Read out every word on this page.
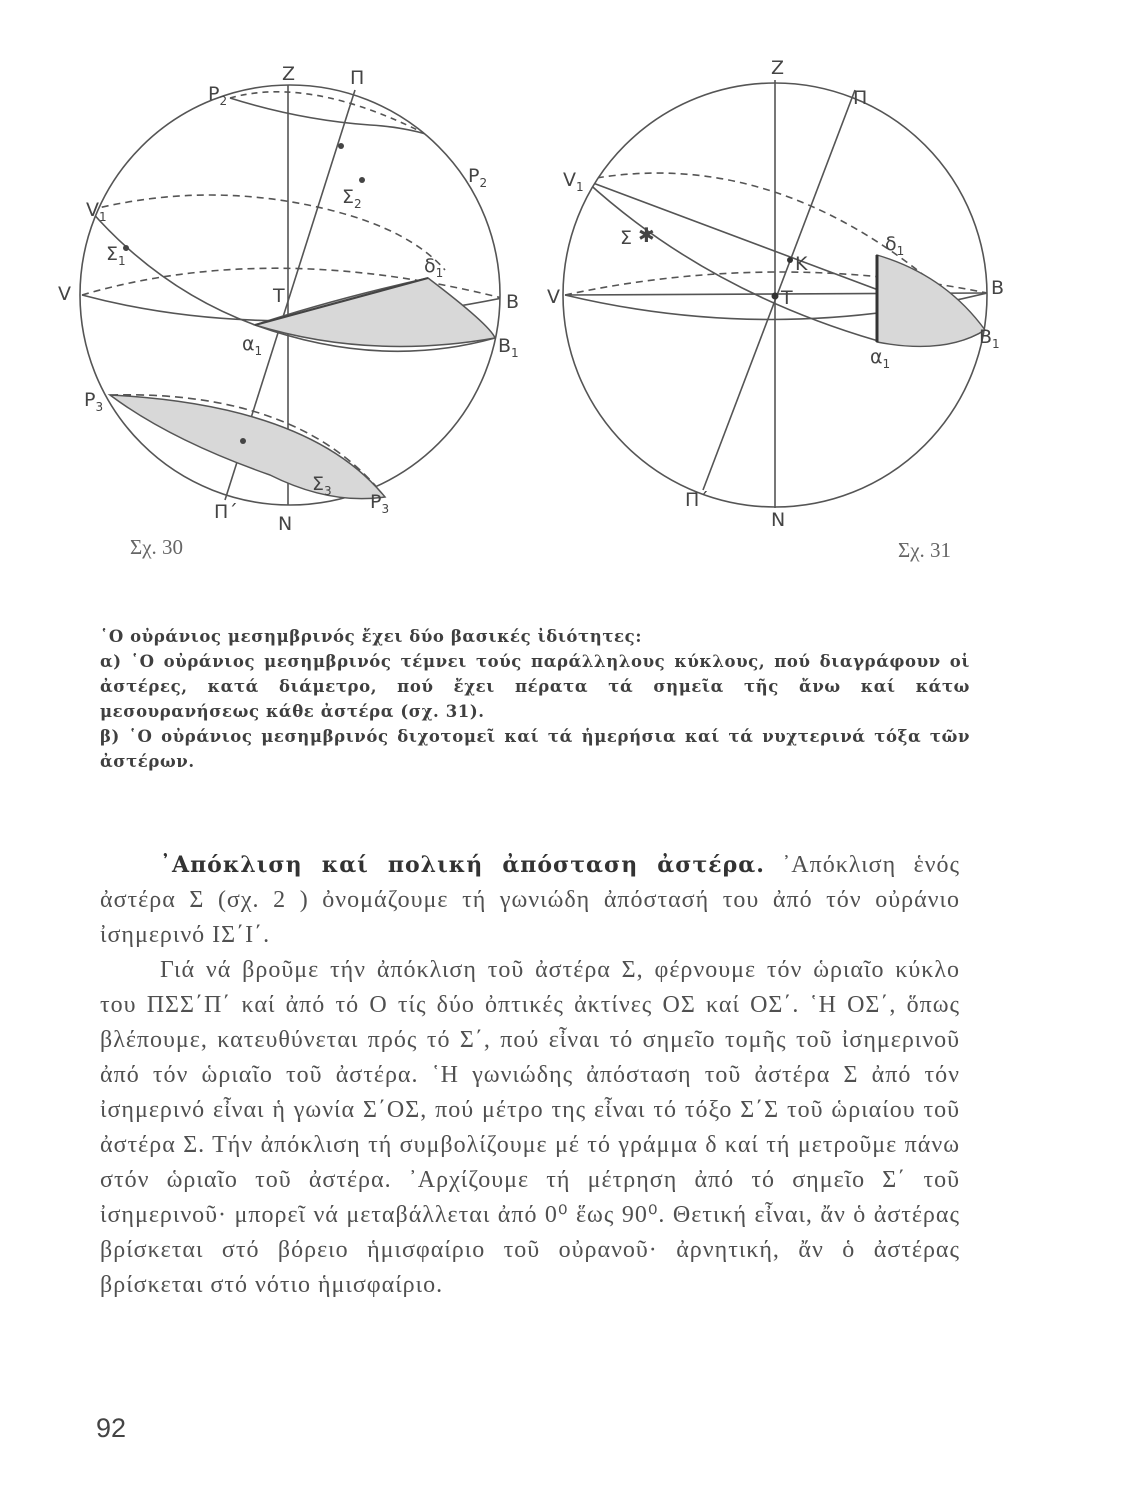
Z	Π
$P_2$
$P_2$
$\Sigma_2$
$V_1$
$\Sigma_1$	$\delta_1$
V	T	B
$B_1$
$\alpha_1$
$P_3$
$\Sigma_3$ $P_3$
Π΄
N
✱
Z
Π
$V_1$
Σ
K
$\delta_1$
V	T	B
$B_1$
$\alpha_1$
Π΄
N
Σχ. 30	Σχ. 31

῾Ο οὐράνιος μεσημβρινός ἔχει δύο βασικές ἰδιότητες:

α) ῾Ο οὐράνιος μεσημβρινός τέμνει τούς παράλληλους κύκλους, πού διαγράφουν οἱ ἀστέρες, κατά διάμετρο, πού ἔχει πέρατα τά σημεῖα τῆς ἄνω καί κάτω μεσουρανήσεως κάθε ἀστέρα (σχ. 31).

β) ῾Ο οὐράνιος μεσημβρινός διχοτομεῖ καί τά ἡμερήσια καί τά νυχτερινά τόξα τῶν ἀστέρων.

᾿Απόκλιση καί πολική ἀπόσταση ἀστέρα. ᾿Απόκλιση ἑνός ἀστέρα Σ (σχ. 2 ) ὀνομάζουμε τή γωνιώδη ἀπόστασή του ἀπό τόν οὐράνιο ἰσημερινό ΙΣ΄Ι΄.

Γιά νά βροῦμε τήν ἀπόκλιση τοῦ ἀστέρα Σ, φέρνουμε τόν ὡριαῖο κύκλο του ΠΣΣ΄Π΄ καί ἀπό τό Ο τίς δύο ὀπτικές ἀκτίνες ΟΣ καί ΟΣ΄. ῾Η ΟΣ΄, ὅπως βλέπουμε, κατευθύνεται πρός τό Σ΄, πού εἶναι τό σημεῖο τομῆς τοῦ ἰσημερινοῦ ἀπό τόν ὡριαῖο τοῦ ἀστέρα. ῾Η γωνιώδης ἀπόσταση τοῦ ἀστέρα Σ ἀπό τόν ἰσημερινό εἶναι ἡ γωνία Σ΄ΟΣ, πού μέτρο της εἶναι τό τόξο Σ΄Σ τοῦ ὡριαίου τοῦ ἀστέρα Σ. Τήν ἀπόκλιση τή συμβολίζουμε μέ τό γράμμα δ καί τή μετροῦμε πάνω στόν ὡριαῖο τοῦ ἀστέρα. ᾿Αρχίζουμε τή μέτρηση ἀπό τό σημεῖο Σ΄ τοῦ ἰσημερινοῦ· μπορεῖ νά μεταβάλλεται ἀπό 0⁰ ἕως 90⁰. Θετική εἶναι, ἄν ὁ ἀστέρας βρίσκεται στό βόρειο ἡμισφαίριο τοῦ οὐρανοῦ· ἀρνητική, ἄν ὁ ἀστέρας βρίσκεται στό νότιο ἡμισφαίριο.

92
